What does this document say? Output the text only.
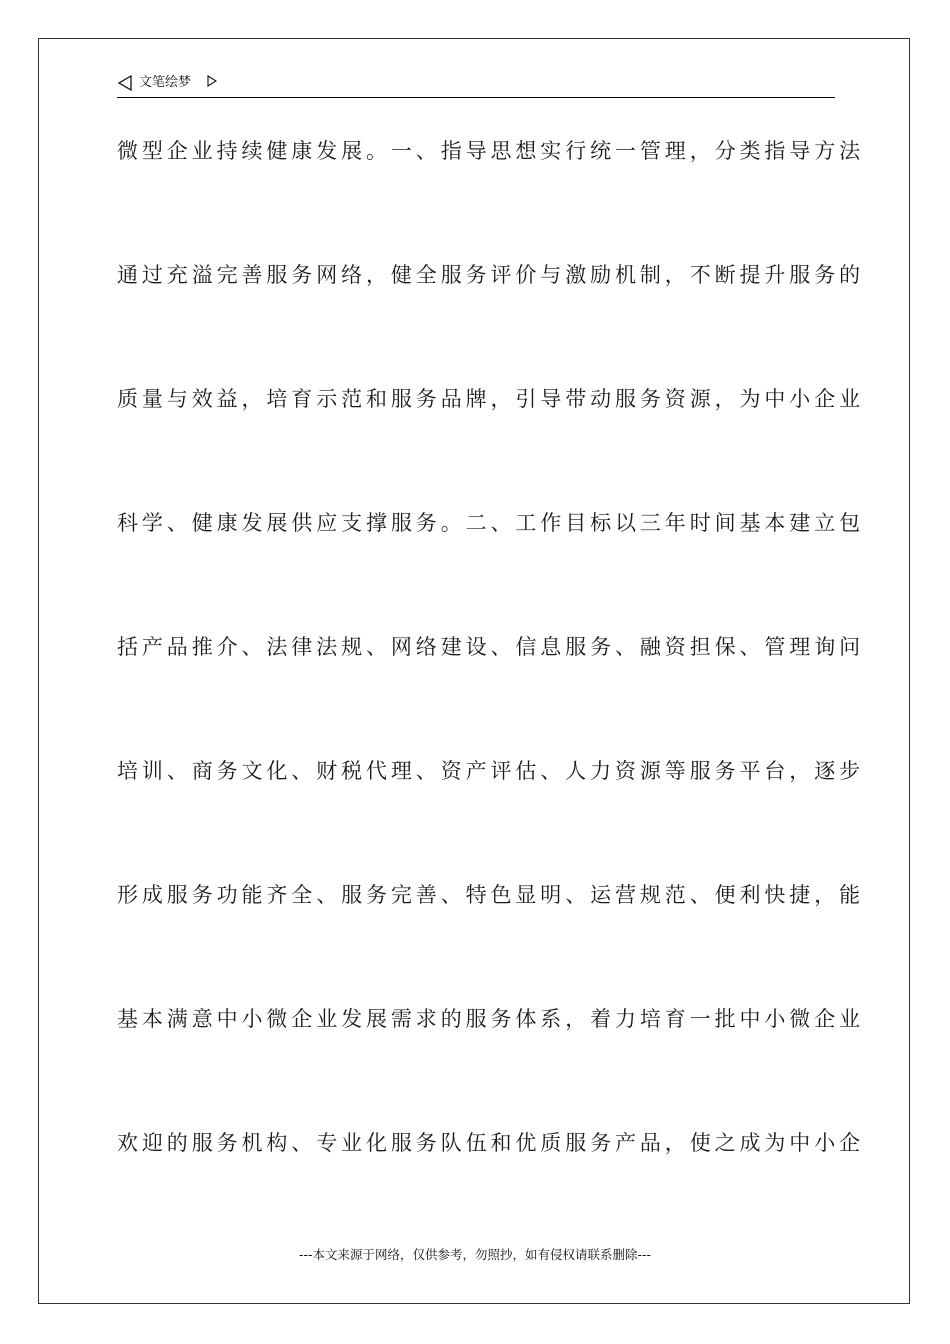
文笔绘梦
微型企业持续健康发展。一、指导思想实行统一管理，分类指导方法
通过充溢完善服务网络，健全服务评价与激励机制，不断提升服务的
质量与效益，培育示范和服务品牌，引导带动服务资源，为中小企业
科学、健康发展供应支撑服务。二、工作目标以三年时间基本建立包
括产品推介、法律法规、网络建设、信息服务、融资担保、管理询问
培训、商务文化、财税代理、资产评估、人力资源等服务平台，逐步
形成服务功能齐全、服务完善、特色显明、运营规范、便利快捷，能
基本满意中小微企业发展需求的服务体系，着力培育一批中小微企业
欢迎的服务机构、专业化服务队伍和优质服务产品，使之成为中小企
---本文来源于网络，仅供参考，勿照抄，如有侵权请联系删除---
